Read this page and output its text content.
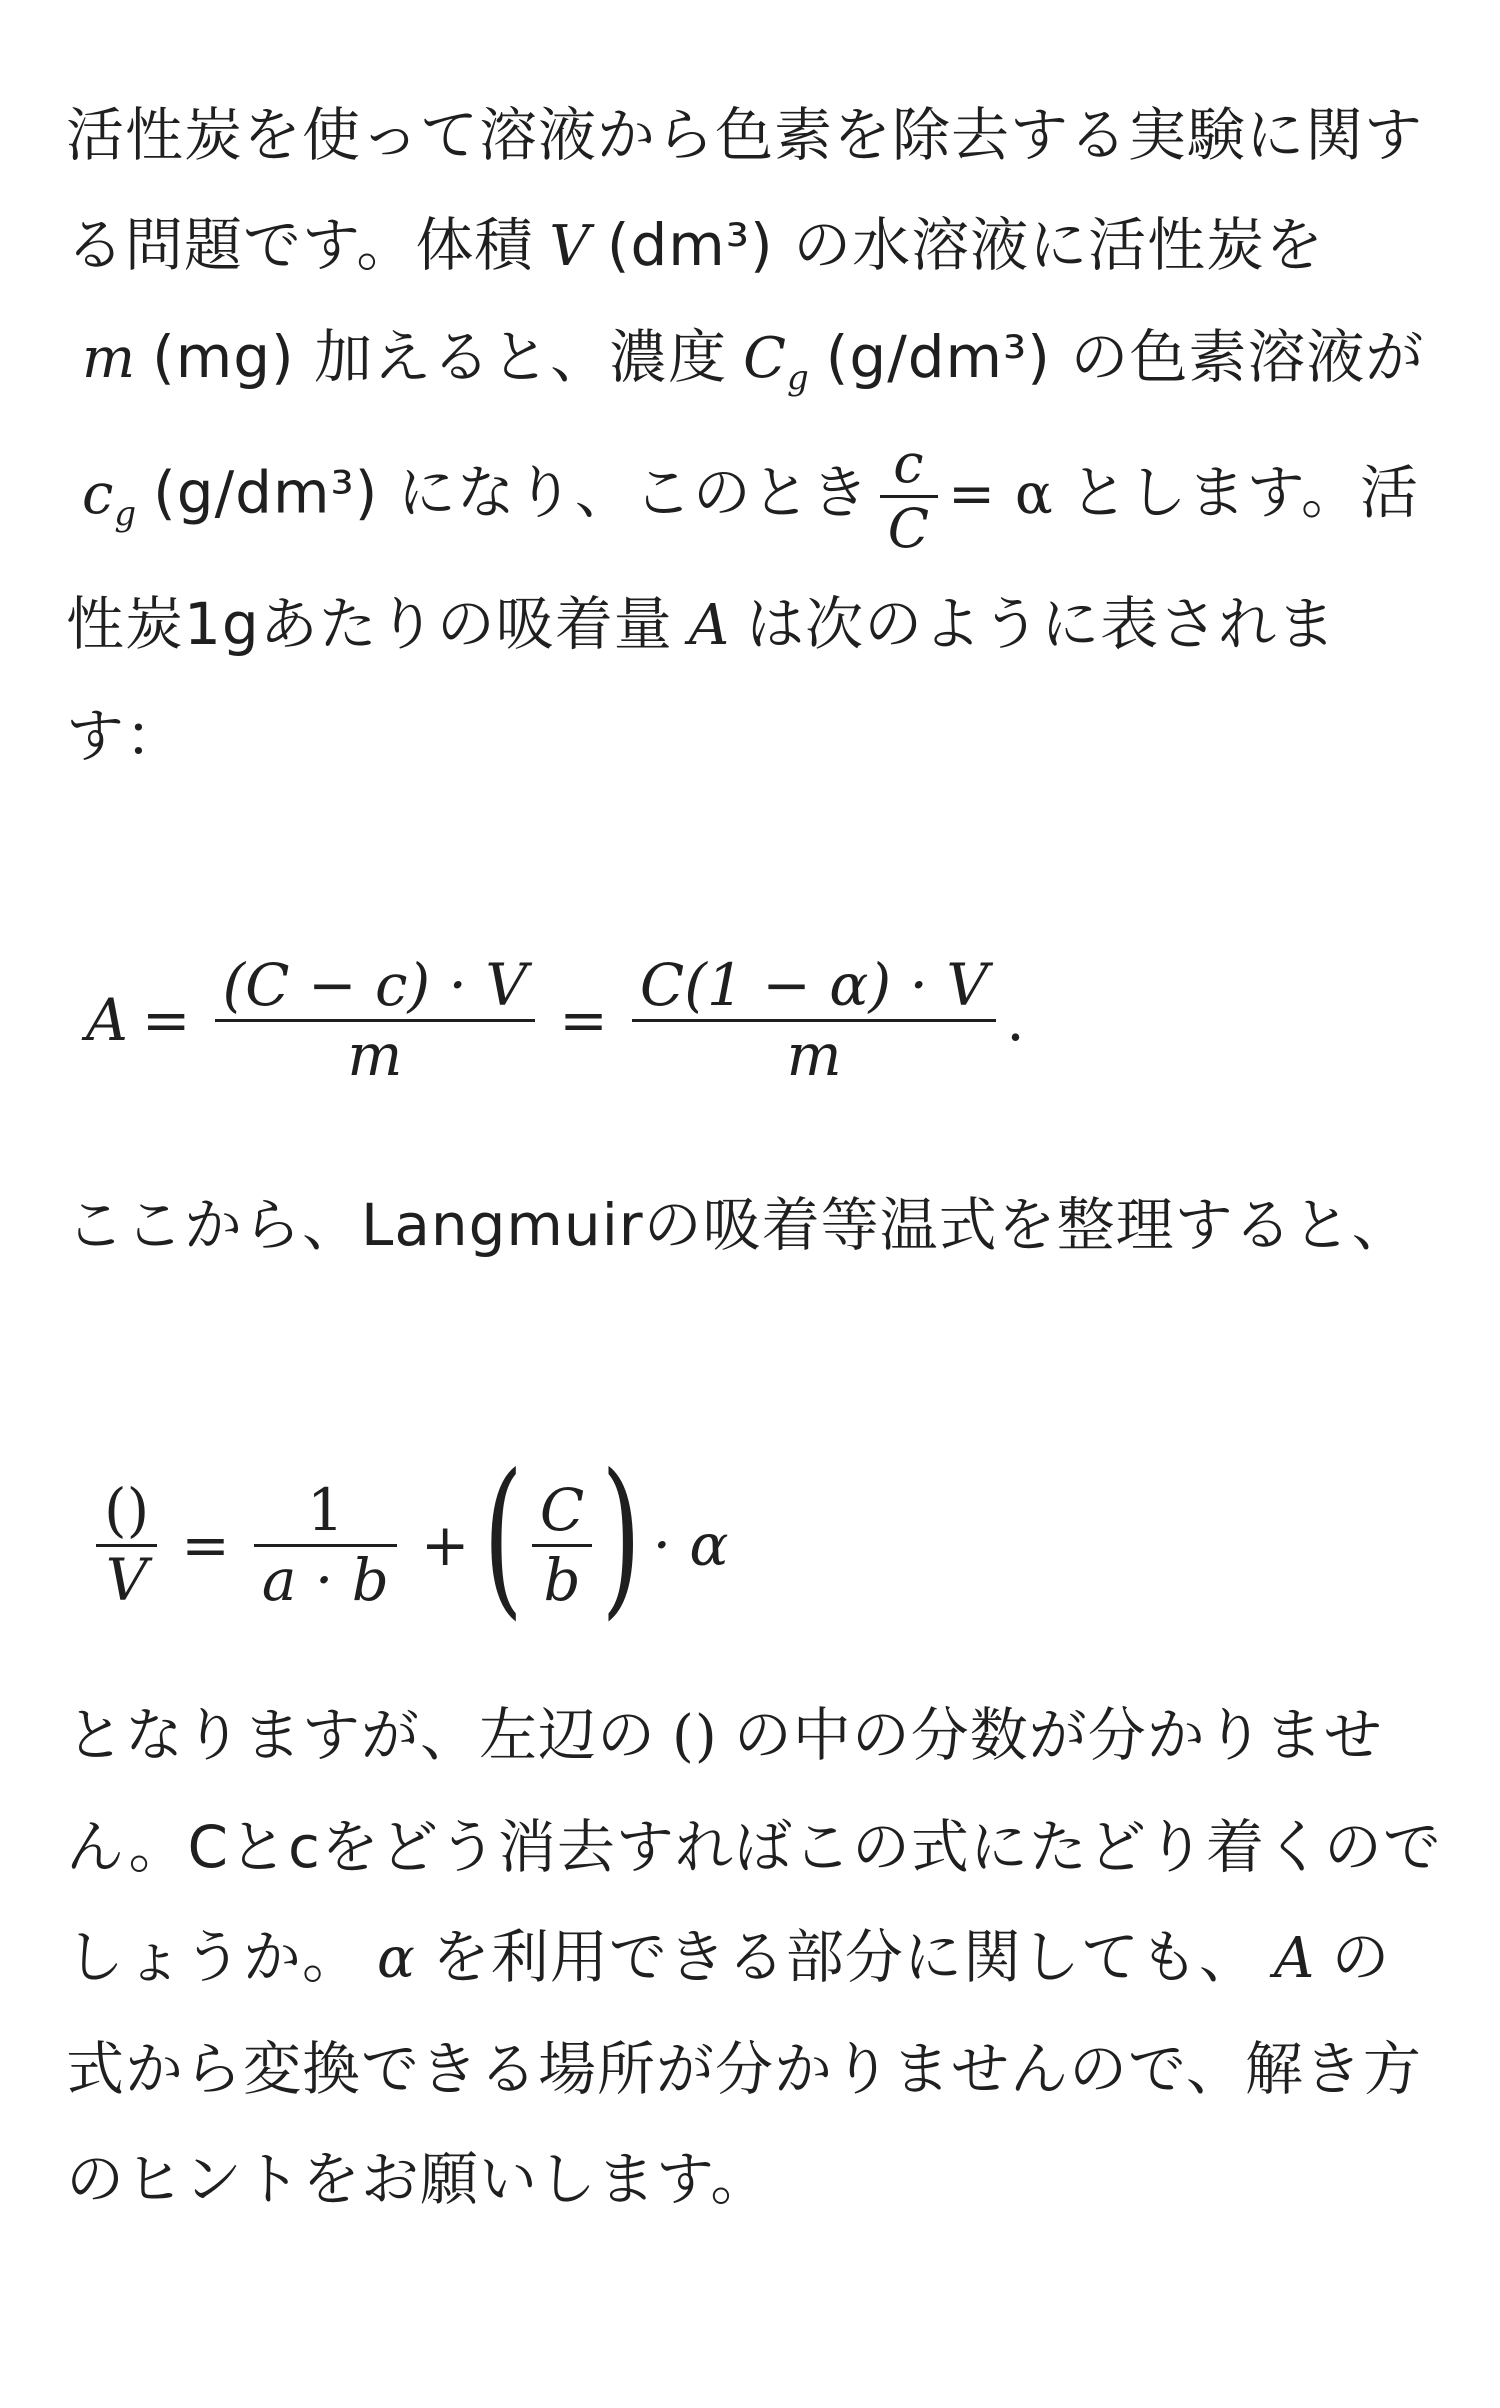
活性炭を使って溶液から色素を除去する実験に関する問題です。体積 V (dm³) の水溶液に活性炭をm (mg) 加えると、濃度 $C_g$ (g/dm³) の色素溶液が$c_g$ (g/dm³) になり、このとき $\frac{c}{C} = \alpha$ とします。活性炭1gあたりの吸着量 A は次のように表されます：

$A = \frac{(C - c) \cdot V}{m} = \frac{C(1 - \alpha) \cdot V}{m}$ .

ここから、Langmuirの吸着等温式を整理すると、

$\frac{()}{V} = \frac{1}{a \cdot b}$ + ( $\frac{C}{b}$ ) · α

となりますが、左辺の () の中の分数が分かりません。Cとcをどう消去すればこの式にたどり着くのでしょうか。 α を利用できる部分に関しても、 A の式から変換できる場所が分かりませんので、解き方のヒントをお願いします。
